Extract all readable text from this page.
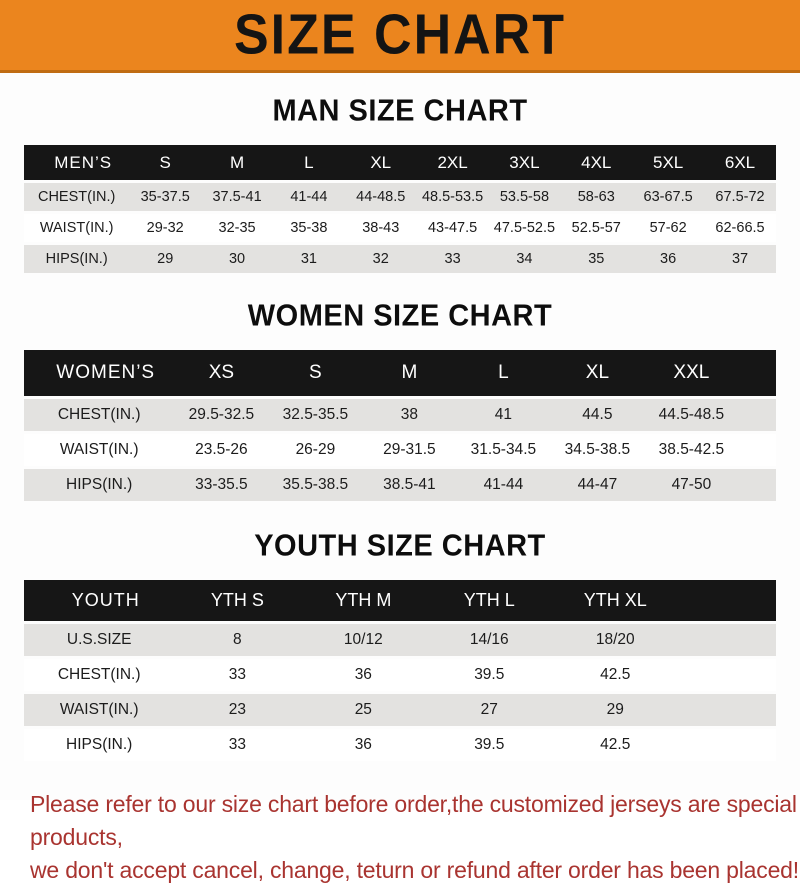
SIZE CHART
MAN SIZE CHART
MEN’S	S	M	L	XL	2XL	3XL	4XL	5XL	6XL
CHEST(IN.)	35-37.5	37.5-41	41-44	44-48.5	48.5-53.5	53.5-58	58-63	63-67.5	67.5-72
WAIST(IN.)	29-32	32-35	35-38	38-43	43-47.5	47.5-52.5	52.5-57	57-62	62-66.5
HIPS(IN.)	29	30	31	32	33	34	35	36	37
WOMEN SIZE CHART
WOMEN’S	XS	S	M	L	XL	XXL	
CHEST(IN.)	29.5-32.5	32.5-35.5	38	41	44.5	44.5-48.5	
WAIST(IN.)	23.5-26	26-29	29-31.5	31.5-34.5	34.5-38.5	38.5-42.5	
HIPS(IN.)	33-35.5	35.5-38.5	38.5-41	41-44	44-47	47-50	
YOUTH SIZE CHART
YOUTH	YTH S	YTH M	YTH L	YTH XL	
U.S.SIZE	8	10/12	14/16	18/20	
CHEST(IN.)	33	36	39.5	42.5	
WAIST(IN.)	23	25	27	29	
HIPS(IN.)	33	36	39.5	42.5	
Please refer to our size chart before order,the customized jerseys are special products,
we don't accept cancel, change, teturn or refund after order has been placed!
